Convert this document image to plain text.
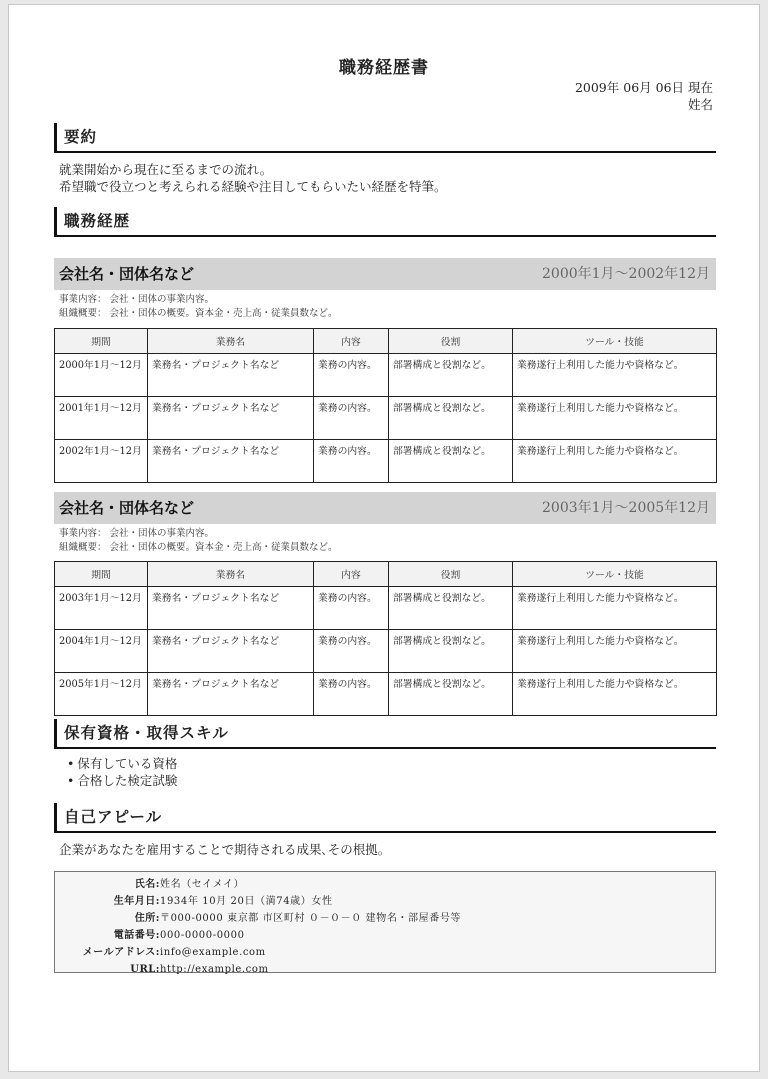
職務経歴書
2009年 06月 06日 現在
姓名
要約
就業開始から現在に至るまでの流れ。
希望職で役立つと考えられる経験や注目してもらいたい経歴を特筆。
職務経歴
会社名・団体名など	2000年1月～2002年12月
事業内容： 会社・団体の事業内容。
組織概要： 会社・団体の概要。資本金・売上高・従業員数など。
期間	業務名	内容	役割	ツール・技能
2000年1月～12月	業務名・プロジェクト名など	業務の内容。	部署構成と役割など。	業務遂行上利用した能力や資格など。
2001年1月～12月	業務名・プロジェクト名など	業務の内容。	部署構成と役割など。	業務遂行上利用した能力や資格など。
2002年1月～12月	業務名・プロジェクト名など	業務の内容。	部署構成と役割など。	業務遂行上利用した能力や資格など。
会社名・団体名など	2003年1月～2005年12月
事業内容： 会社・団体の事業内容。
組織概要： 会社・団体の概要。資本金・売上高・従業員数など。
期間	業務名	内容	役割	ツール・技能
2003年1月～12月	業務名・プロジェクト名など	業務の内容。	部署構成と役割など。	業務遂行上利用した能力や資格など。
2004年1月～12月	業務名・プロジェクト名など	業務の内容。	部署構成と役割など。	業務遂行上利用した能力や資格など。
2005年1月～12月	業務名・プロジェクト名など	業務の内容。	部署構成と役割など。	業務遂行上利用した能力や資格など。
保有資格・取得スキル
• 保有している資格
• 合格した検定試験
自己アピール
企業があなたを雇用することで期待される成果､その根拠。
氏名: 姓名（セイメイ）
生年月日: 1934年 10月 20日（満74歳）女性
住所: 〒000-0000 東京都 市区町村 ０－０－０ 建物名・部屋番号等
電話番号: 000-0000-0000
メールアドレス: info@example.com
URL: http://example.com
